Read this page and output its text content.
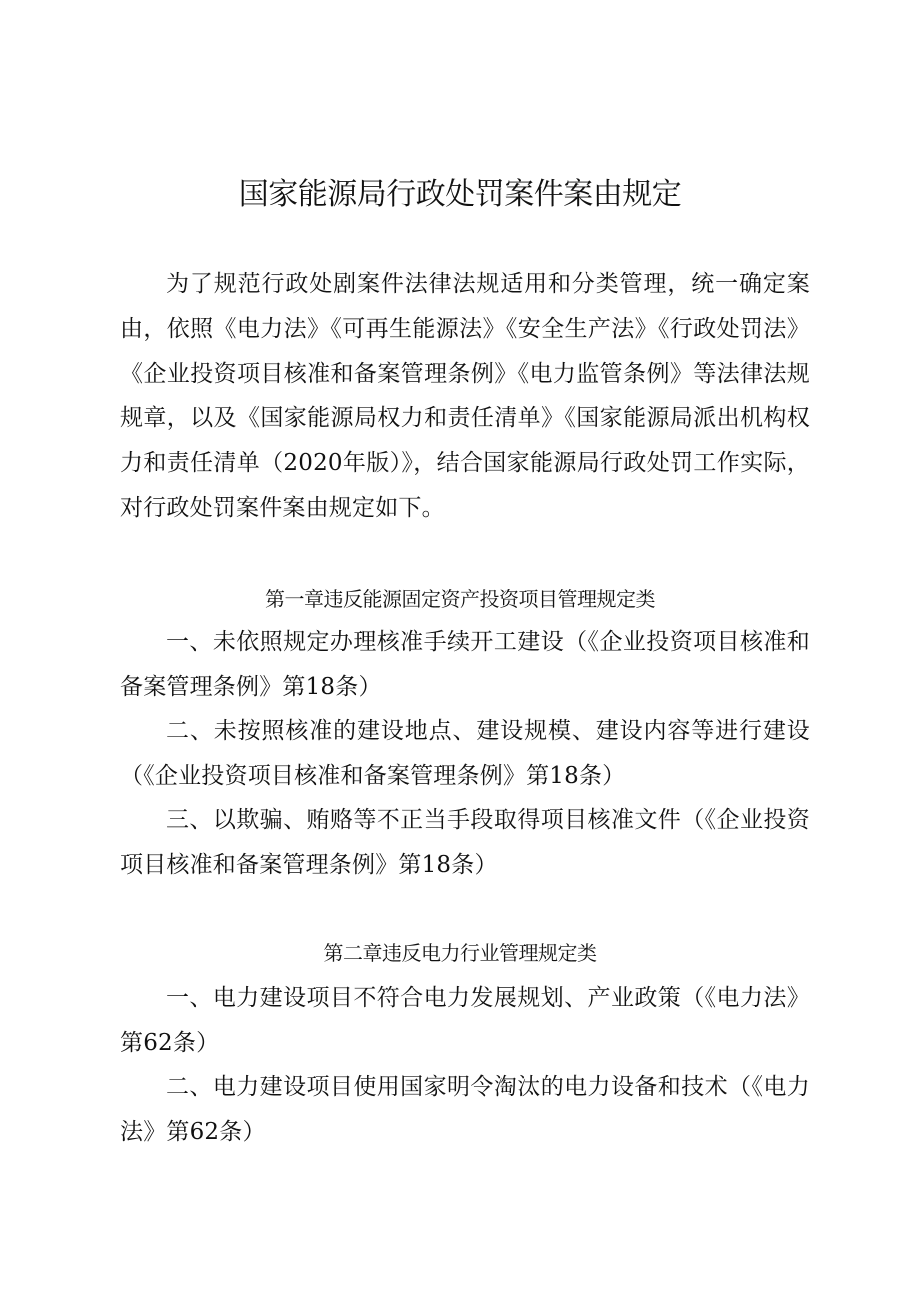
国家能源局行政处罚案件案由规定

为了规范行政处剧案件法律法规适用和分类管理，统一确定案由，依照《电力法》《可再生能源法》《安全生产法》《行政处罚法》《企业投资项目核准和备案管理条例》《电力监管条例》等法律法规规章，以及《国家能源局权力和责任清单》《国家能源局派出机构权力和责任清单（2020年版）》，结合国家能源局行政处罚工作实际，对行政处罚案件案由规定如下。

第一章违反能源固定资产投资项目管理规定类

一、未依照规定办理核准手续开工建设（《企业投资项目核准和备案管理条例》第18条）

二、未按照核准的建设地点、建设规模、建设内容等进行建设（《企业投资项目核准和备案管理条例》第18条）

三、以欺骗、贿赂等不正当手段取得项目核准文件（《企业投资项目核准和备案管理条例》第18条）

第二章违反电力行业管理规定类

一、电力建设项目不符合电力发展规划、产业政策（《电力法》第62条）

二、电力建设项目使用国家明令淘汰的电力设备和技术（《电力法》第62条）
